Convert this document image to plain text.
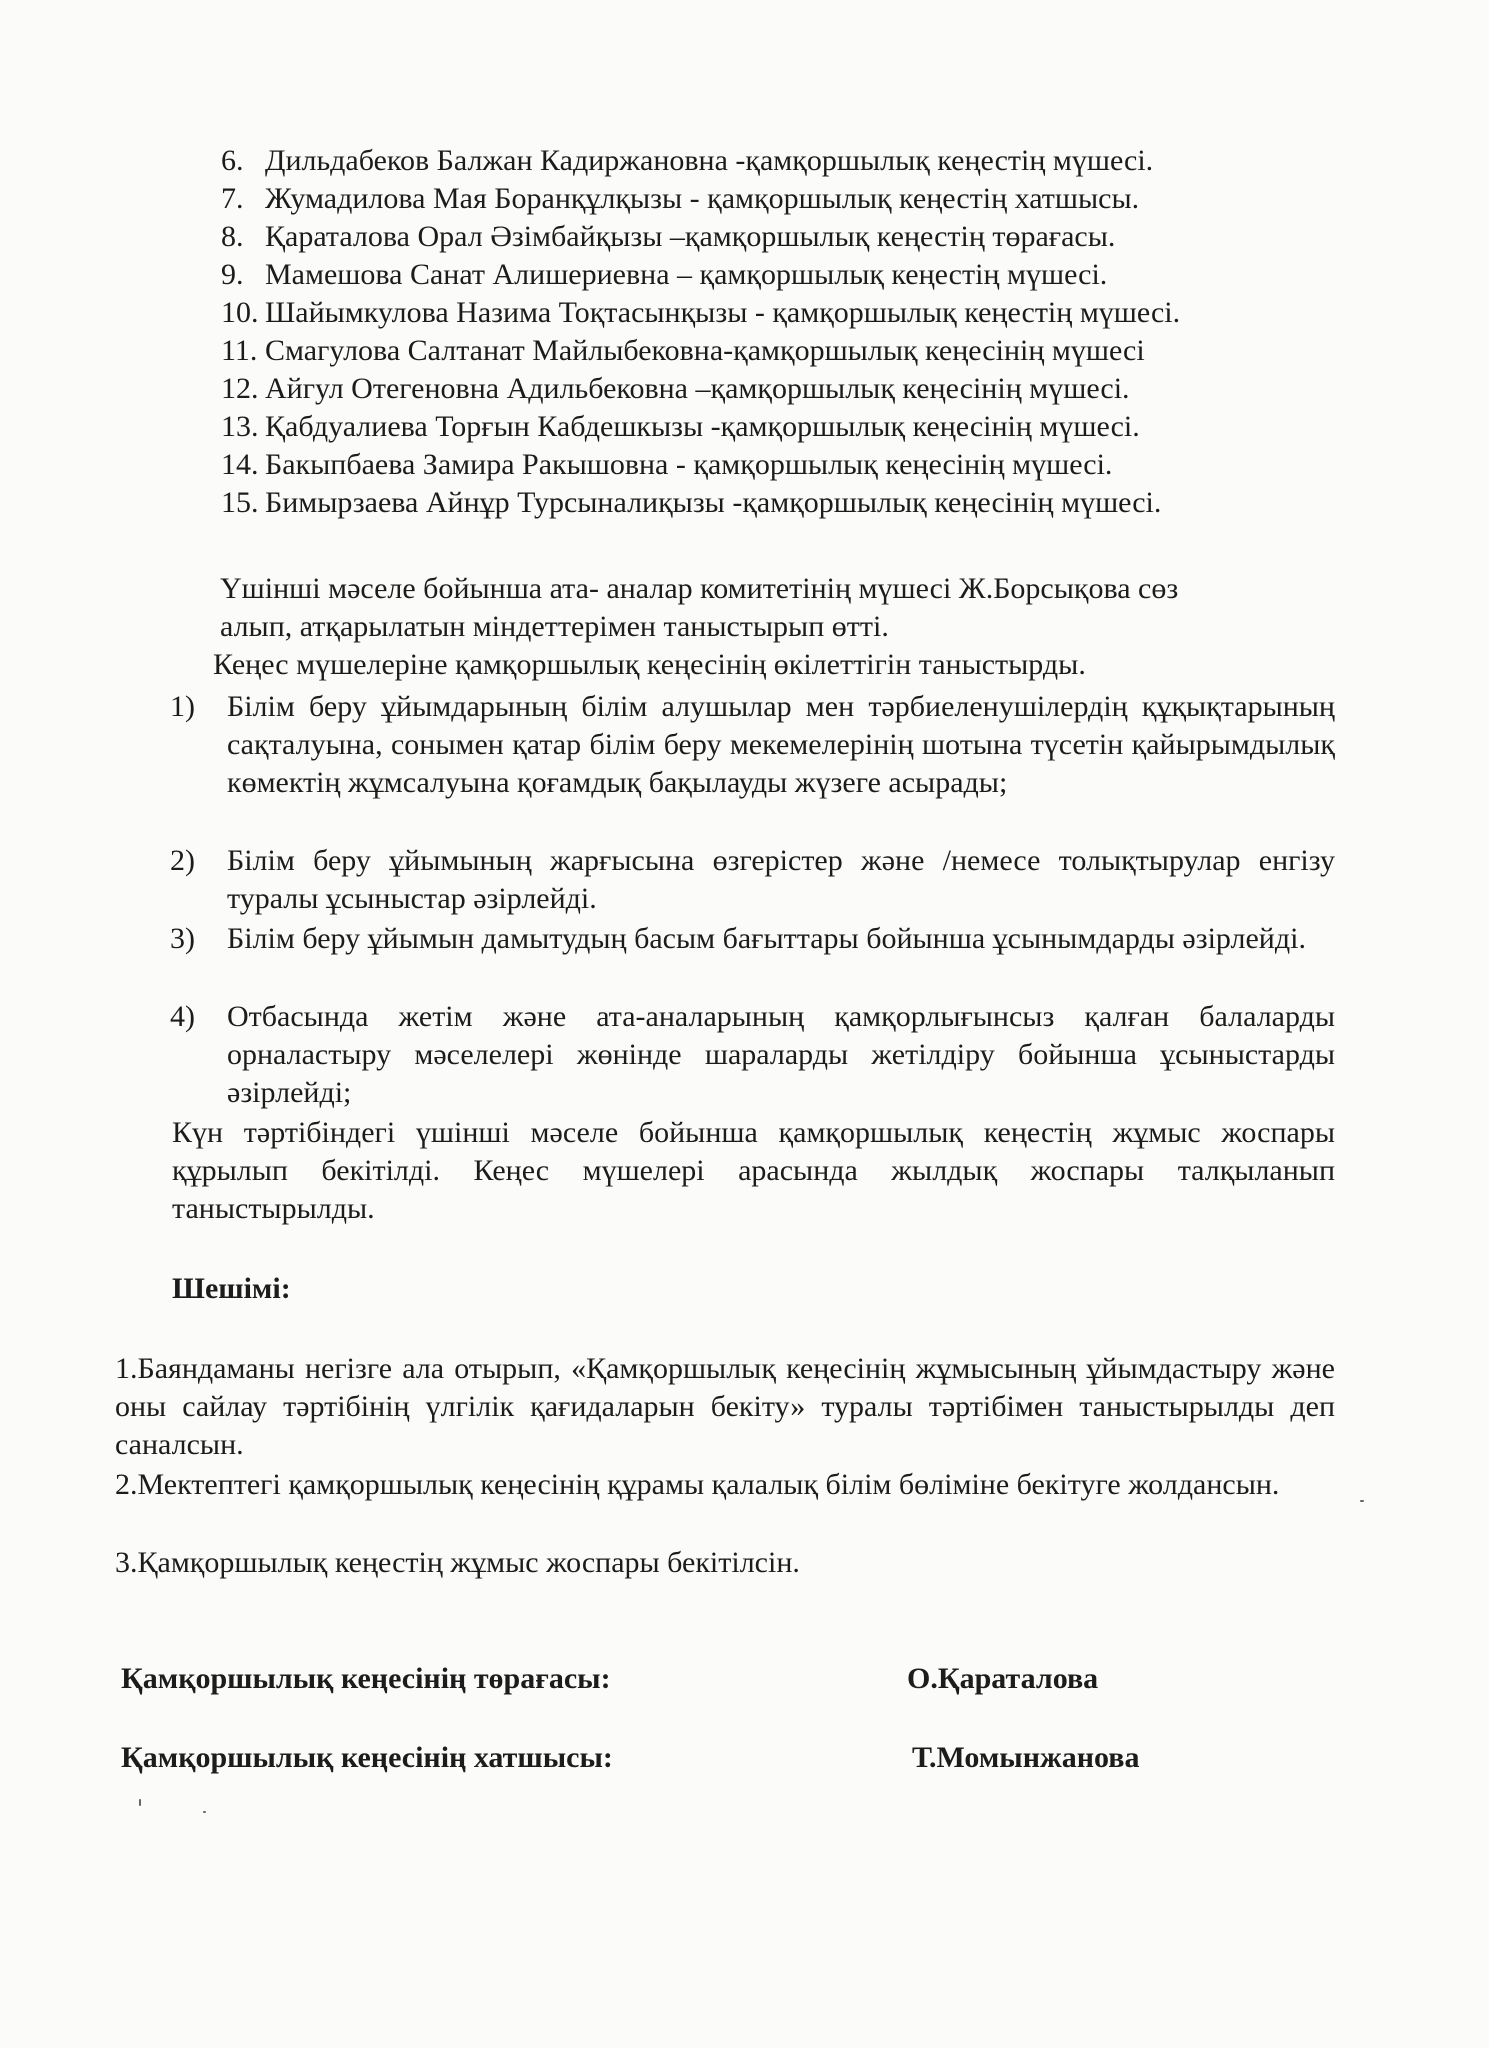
6. Дильдабеков Балжан Кадиржановна -қамқоршылық кеңестің мүшесі.
7. Жумадилова Мая Боранқұлқызы - қамқоршылық кеңестің хатшысы.
8. Қараталова Орал Әзімбайқызы –қамқоршылық кеңестің төрағасы.
9. Мамешова Санат Алишериевна – қамқоршылық кеңестің мүшесі.
10. Шайымкулова Назима Тоқтасынқызы - қамқоршылық кеңестің мүшесі.
11. Смагулова Салтанат Майлыбековна-қамқоршылық кеңесінің мүшесі
12. Айгул Отегеновна Адильбековна –қамқоршылық кеңесінің мүшесі.
13. Қабдуалиева Торғын Кабдешкызы -қамқоршылық кеңесінің мүшесі.
14. Бакыпбаева Замира Ракышовна - қамқоршылық кеңесінің мүшесі.
15. Бимырзаева Айнұр Турсыналиқызы -қамқоршылық кеңесінің мүшесі.
Үшінші мәселе бойынша ата- аналар комитетінің мүшесі Ж.Борсықова сөз
алып, атқарылатын міндеттерімен таныстырып өтті.
Кеңес мүшелеріне қамқоршылық кеңесінің өкілеттігін таныстырды.
1) Білім беру ұйымдарының білім алушылар мен тәрбиеленушілердің құқықтарының сақталуына, сонымен қатар білім беру мекемелерінің шотына түсетін қайырымдылық көмектің жұмсалуына қоғамдық бақылауды жүзеге асырады;
2) Білім беру ұйымының жарғысына өзгерістер және /немесе толықтырулар енгізу туралы ұсыныстар әзірлейді.
3) Білім беру ұйымын дамытудың басым бағыттары бойынша ұсынымдарды әзірлейді.
4) Отбасында жетім және ата-аналарының қамқорлығынсыз қалған балаларды орналастыру мәселелері жөнінде шараларды жетілдіру бойынша ұсыныстарды әзірлейді;
Күн тәртібіндегі үшінші мәселе бойынша қамқоршылық кеңестің жұмыс жоспары құрылып бекітілді. Кеңес мүшелері арасында жылдық жоспары талқыланып таныстырылды.
Шешімі:
1.Баяндаманы негізге ала отырып, «Қамқоршылық кеңесінің жұмысының ұйымдастыру және оны сайлау тәртібінің үлгілік қағидаларын бекіту» туралы тәртібімен таныстырылды деп саналсын.
2.Мектептегі қамқоршылық кеңесінің құрамы қалалық білім бөліміне бекітуге жолдансын.
3.Қамқоршылық кеңестің жұмыс жоспары бекітілсін.
Қамқоршылық кеңесінің төрағасы:	О.Қараталова
Қамқоршылық кеңесінің хатшысы:	Т.Момынжанова
